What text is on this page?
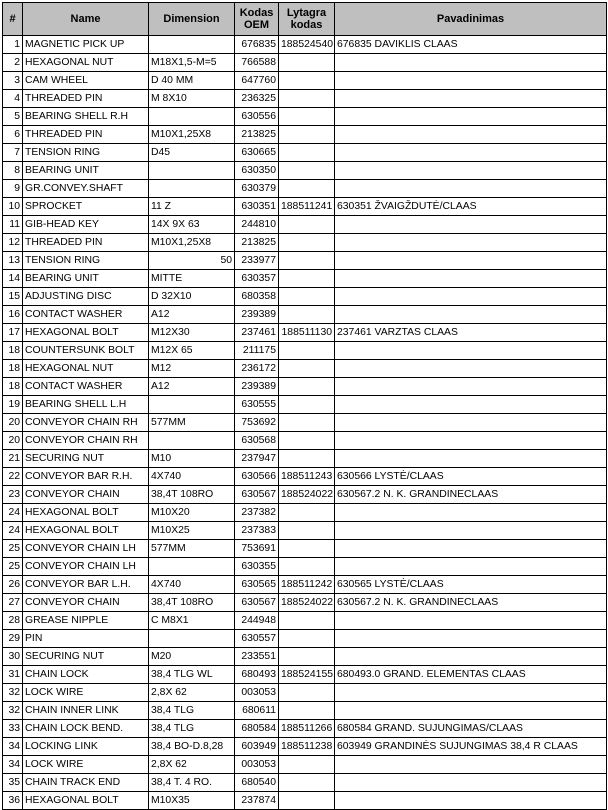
#	Name	Dimension	Kodas OEM	Lytagra kodas	Pavadinimas
1	MAGNETIC PICK UP		676835	188524540	676835 DAVIKLIS CLAAS
2	HEXAGONAL NUT	M18X1,5-M=5	766588		
3	CAM WHEEL	D 40 MM	647760		
4	THREADED PIN	M 8X10	236325		
5	BEARING SHELL R.H		630556		
6	THREADED PIN	M10X1,25X8	213825		
7	TENSION RING	D45	630665		
8	BEARING UNIT		630350		
9	GR.CONVEY.SHAFT		630379		
10	SPROCKET	11 Z	630351	188511241	630351 ŽVAIGŽDUTĖ/CLAAS
11	GIB-HEAD KEY	14X 9X 63	244810		
12	THREADED PIN	M10X1,25X8	213825		
13	TENSION RING	50	233977		
14	BEARING UNIT	MITTE	630357		
15	ADJUSTING DISC	D 32X10	680358		
16	CONTACT WASHER	A12	239389		
17	HEXAGONAL BOLT	M12X30	237461	188511130	237461 VARZTAS CLAAS
18	COUNTERSUNK BOLT	M12X 65	211175		
18	HEXAGONAL NUT	M12	236172		
18	CONTACT WASHER	A12	239389		
19	BEARING SHELL L.H		630555		
20	CONVEYOR CHAIN RH	577MM	753692		
20	CONVEYOR CHAIN RH		630568		
21	SECURING NUT	M10	237947		
22	CONVEYOR BAR R.H.	4X740	630566	188511243	630566 LYSTĖ/CLAAS
23	CONVEYOR CHAIN	38,4T 108RO	630567	188524022	630567.2 N. K. GRANDINECLAAS
24	HEXAGONAL BOLT	M10X20	237382		
24	HEXAGONAL BOLT	M10X25	237383		
25	CONVEYOR CHAIN LH	577MM	753691		
25	CONVEYOR CHAIN LH		630355		
26	CONVEYOR BAR L.H.	4X740	630565	188511242	630565 LYSTĖ/CLAAS
27	CONVEYOR CHAIN	38,4T 108RO	630567	188524022	630567.2 N. K. GRANDINECLAAS
28	GREASE NIPPLE	C M8X1	244948		
29	PIN		630557		
30	SECURING NUT	M20	233551		
31	CHAIN LOCK	38,4 TLG WL	680493	188524155	680493.0 GRAND. ELEMENTAS CLAAS
32	LOCK WIRE	2,8X 62	003053		
32	CHAIN INNER LINK	38,4 TLG	680611		
33	CHAIN LOCK BEND.	38,4 TLG	680584	188511266	680584 GRAND. SUJUNGIMAS/CLAAS
34	LOCKING LINK	38,4 BO-D.8,28	603949	188511238	603949 GRANDINĖS SUJUNGIMAS 38,4 R CLAAS
34	LOCK WIRE	2,8X 62	003053		
35	CHAIN TRACK END	38,4 T. 4 RO.	680540		
36	HEXAGONAL BOLT	M10X35	237874		
